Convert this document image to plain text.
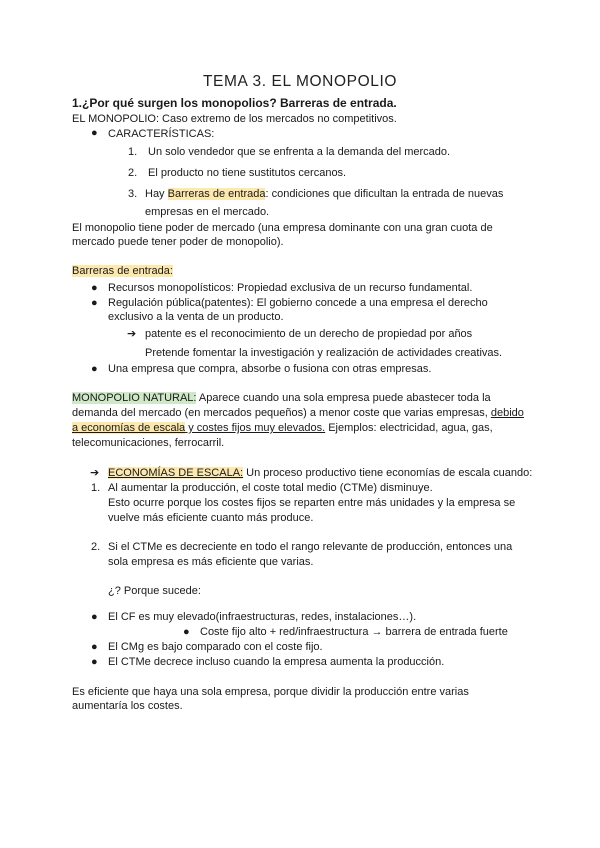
TEMA 3. EL MONOPOLIO
1.¿Por qué surgen los monopolios? Barreras de entrada.
EL MONOPOLIO: Caso extremo de los mercados no competitivos.
● CARACTERÍSTICAS:
1. Un solo vendedor que se enfrenta a la demanda del mercado.
2. El producto no tiene sustitutos cercanos.
3. Hay Barreras de entrada: condiciones que dificultan la entrada de nuevas
empresas en el mercado.
El monopolio tiene poder de mercado (una empresa dominante con una gran cuota de
mercado puede tener poder de monopolio).
Barreras de entrada:
● Recursos monopolísticos: Propiedad exclusiva de un recurso fundamental.
● Regulación pública(patentes): El gobierno concede a una empresa el derecho
exclusivo a la venta de un producto.
➔ patente es el reconocimiento de un derecho de propiedad por años
Pretende fomentar la investigación y realización de actividades creativas.
● Una empresa que compra, absorbe o fusiona con otras empresas.
MONOPOLIO NATURAL: Aparece cuando una sola empresa puede abastecer toda la
demanda del mercado (en mercados pequeños) a menor coste que varias empresas, debido
a economías de escala y costes fijos muy elevados. Ejemplos: electricidad, agua, gas,
telecomunicaciones, ferrocarril.
➔ ECONOMÍAS DE ESCALA: Un proceso productivo tiene economías de escala cuando:
1. Al aumentar la producción, el coste total medio (CTMe) disminuye.
Esto ocurre porque los costes fijos se reparten entre más unidades y la empresa se
vuelve más eficiente cuanto más produce.
2. Si el CTMe es decreciente en todo el rango relevante de producción, entonces una
sola empresa es más eficiente que varias.
¿? Porque sucede:
● El CF es muy elevado(infraestructuras, redes, instalaciones…).
● Coste fijo alto + red/infraestructura → barrera de entrada fuerte
● El CMg es bajo comparado con el coste fijo.
● El CTMe decrece incluso cuando la empresa aumenta la producción.
Es eficiente que haya una sola empresa, porque dividir la producción entre varias
aumentaría los costes.
